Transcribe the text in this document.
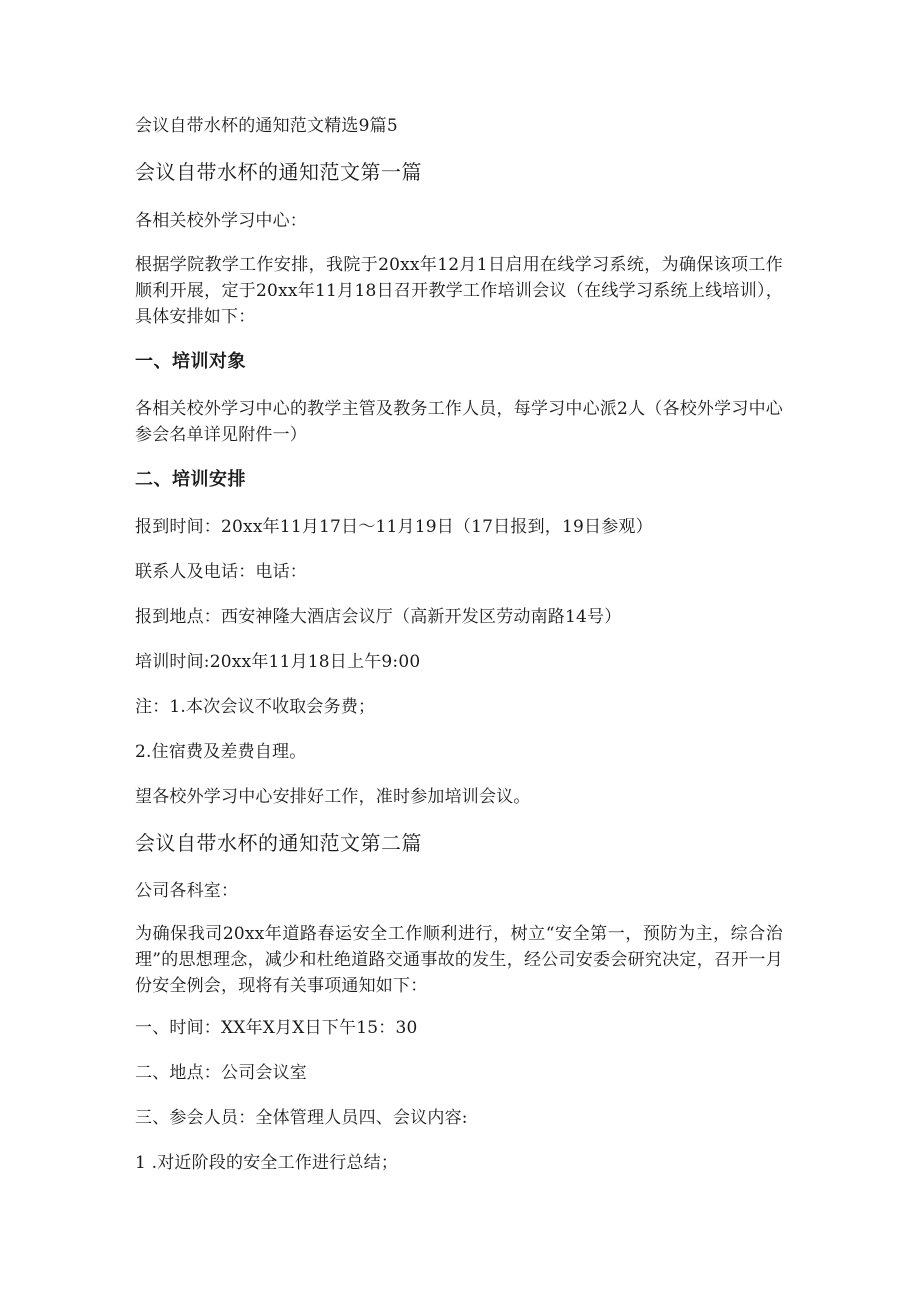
会议自带水杯的通知范文精选9篇5

会议自带水杯的通知范文第一篇

各相关校外学习中心：

根据学院教学工作安排，我院于20xx年12月1日启用在线学习系统，为确保该项工作顺利开展，定于20xx年11月18日召开教学工作培训会议（在线学习系统上线培训），具体安排如下：

一、培训对象

各相关校外学习中心的教学主管及教务工作人员，每学习中心派2人（各校外学习中心参会名单详见附件一）

二、培训安排

报到时间：20xx年11月17日～11月19日（17日报到，19日参观）

联系人及电话：电话：

报到地点：西安神隆大酒店会议厅（高新开发区劳动南路14号）

培训时间:20xx年11月18日上午9:00

注：1.本次会议不收取会务费；

2.住宿费及差费自理。

望各校外学习中心安排好工作，准时参加培训会议。

会议自带水杯的通知范文第二篇

公司各科室：

为确保我司20xx年道路春运安全工作顺利进行，树立“安全第一，预防为主，综合治理”的思想理念，减少和杜绝道路交通事故的发生，经公司安委会研究决定，召开一月份安全例会，现将有关事项通知如下：

一、时间：XX年X月X日下午15：30

二、地点：公司会议室

三、参会人员：全体管理人员四、会议内容:

1 .对近阶段的安全工作进行总结；
